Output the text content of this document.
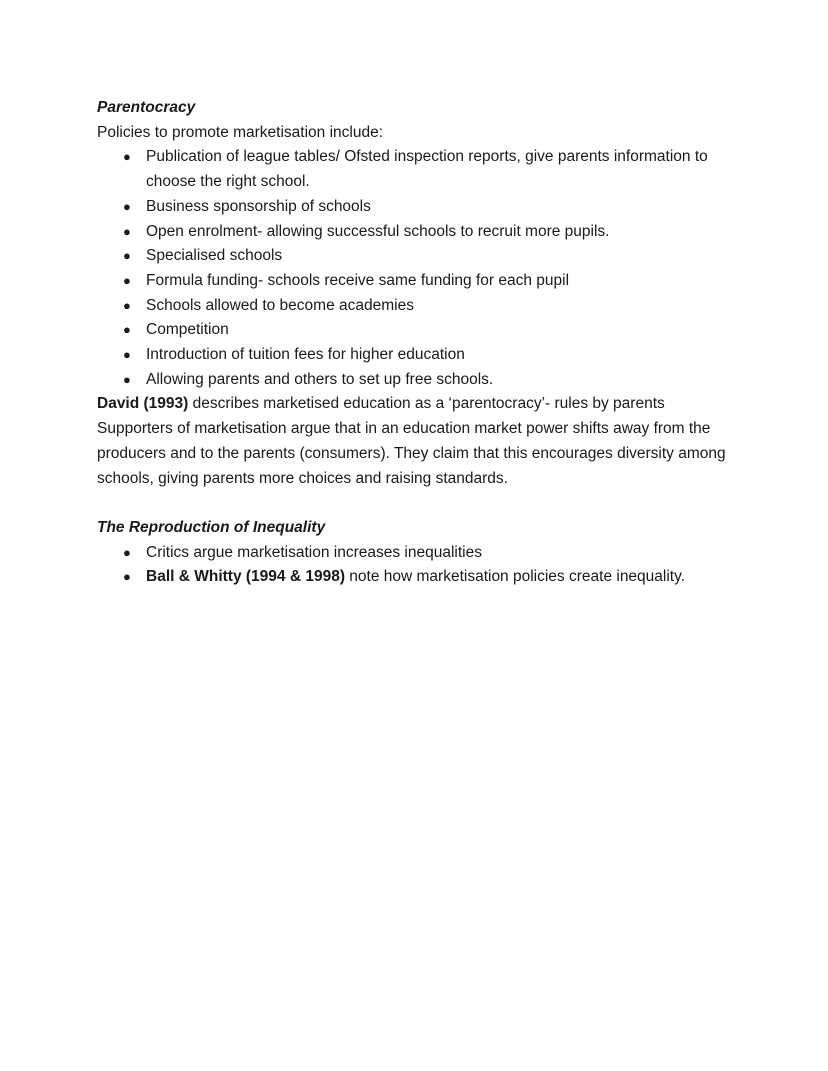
Parentocracy

Policies to promote marketisation include:

● Publication of league tables/ Ofsted inspection reports, give parents information to choose the right school.
● Business sponsorship of schools
● Open enrolment- allowing successful schools to recruit more pupils.
● Specialised schools
● Formula funding- schools receive same funding for each pupil
● Schools allowed to become academies
● Competition
● Introduction of tuition fees for higher education
● Allowing parents and others to set up free schools.

David (1993) describes marketised education as a ‘parentocracy’- rules by parents

Supporters of marketisation argue that in an education market power shifts away from the producers and to the parents (consumers). They claim that this encourages diversity among schools, giving parents more choices and raising standards.

The Reproduction of Inequality

● Critics argue marketisation increases inequalities
● Ball & Whitty (1994 & 1998) note how marketisation policies create inequality.
